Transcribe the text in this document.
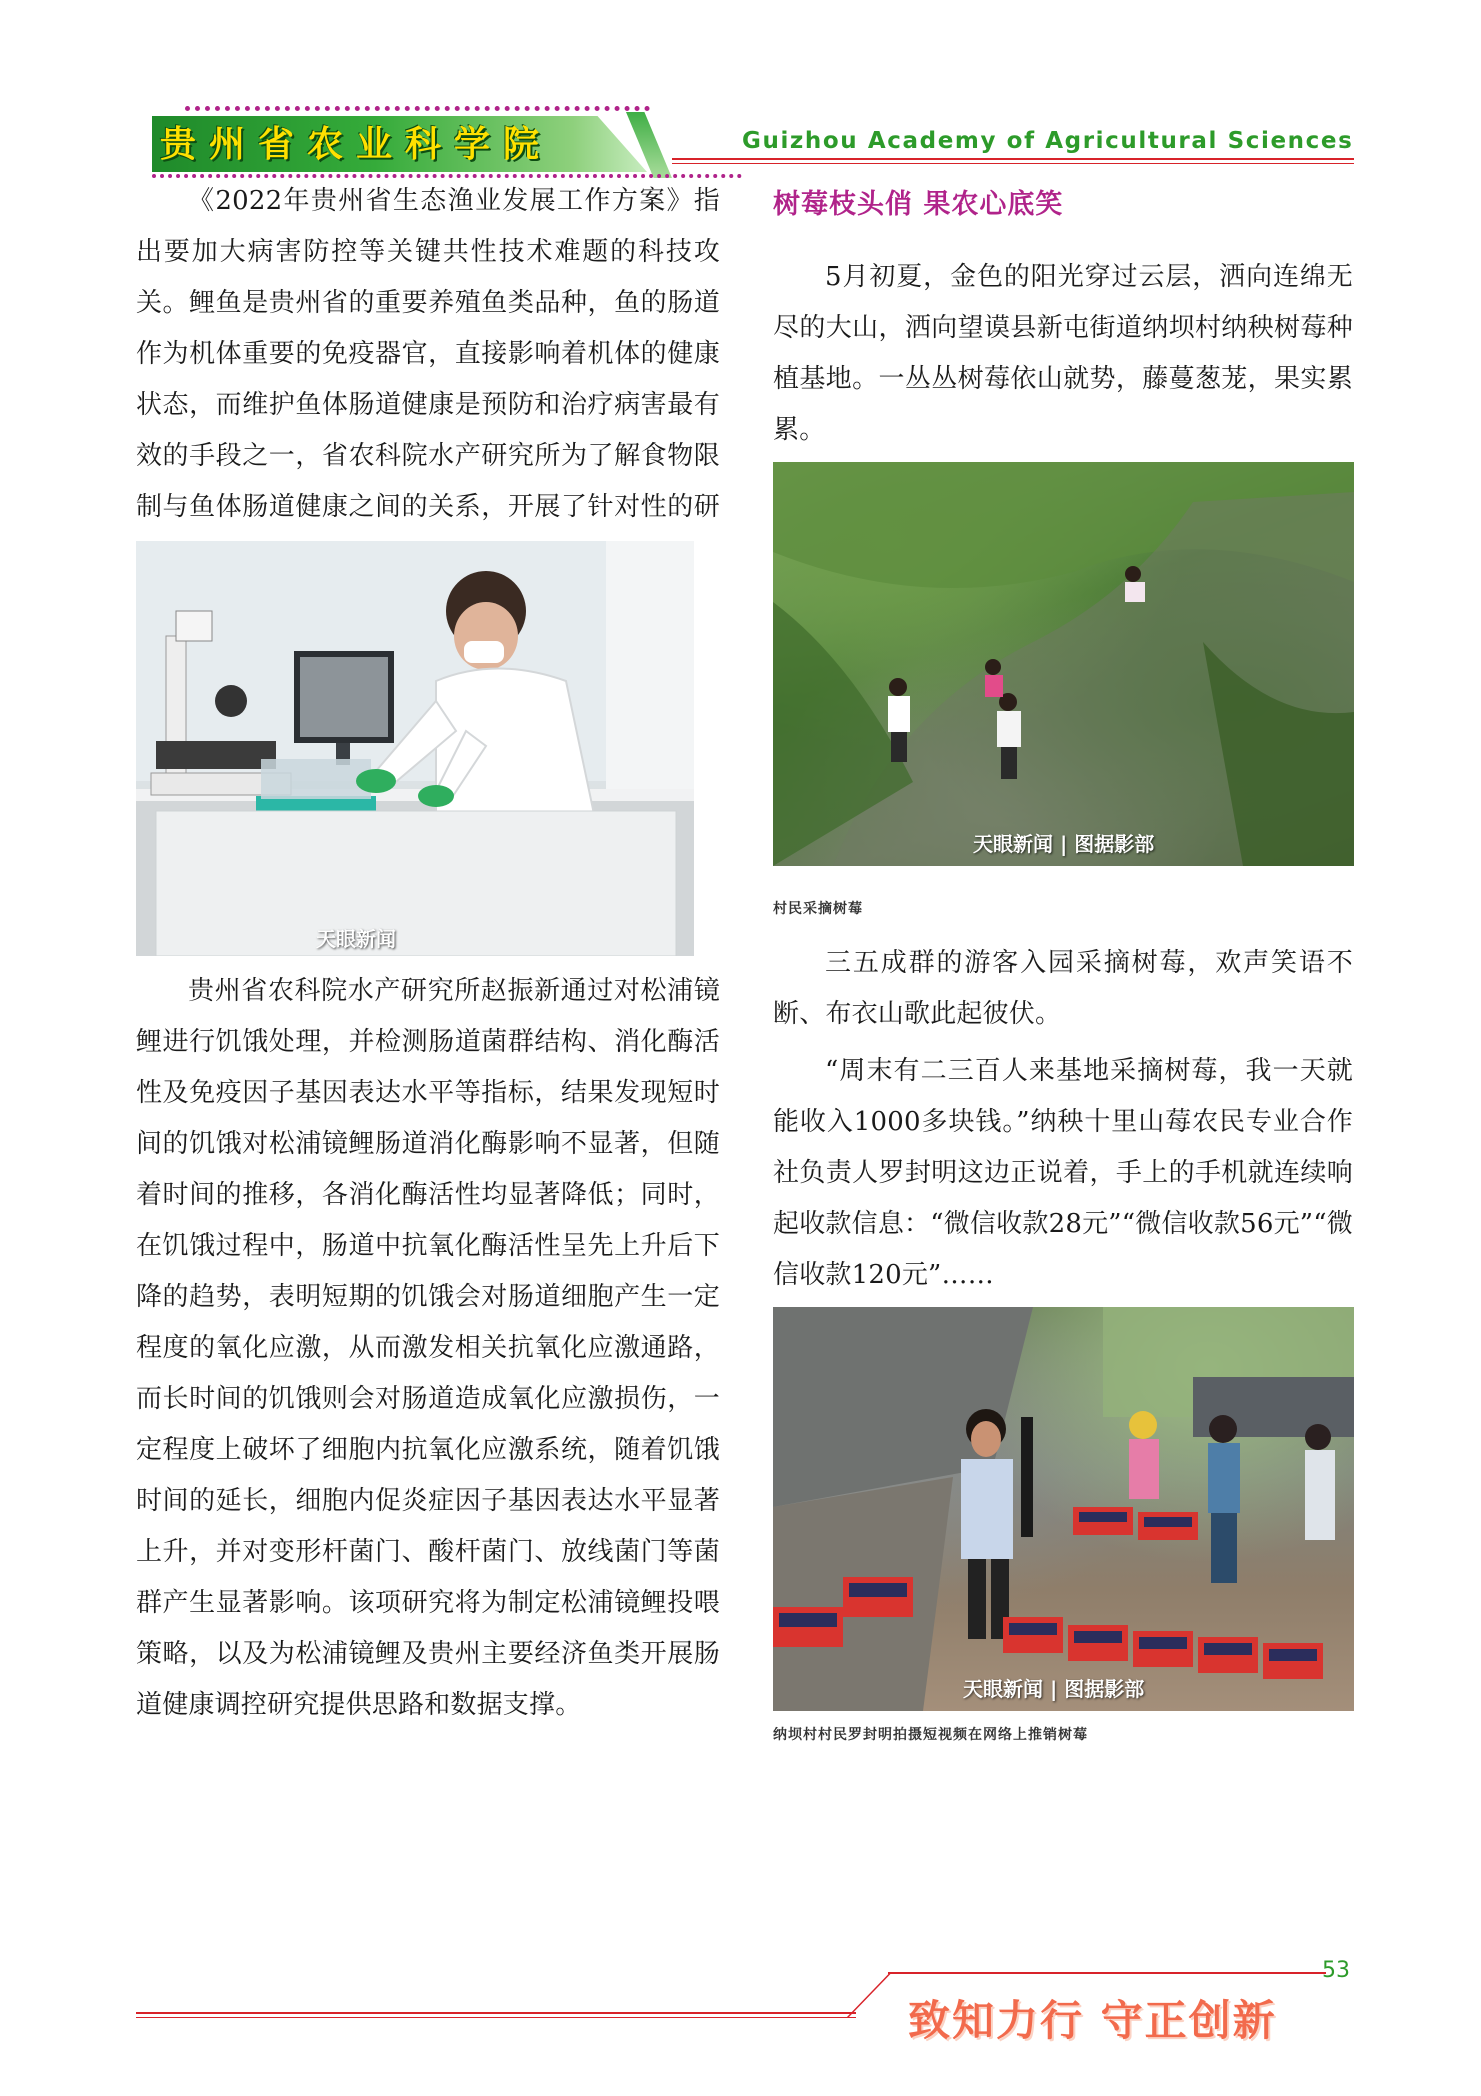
贵州省农业科学院	Guizhou Academy of Agricultural Sciences

《2022年贵州省生态渔业发展工作方案》指出要加大病害防控等关键共性技术难题的科技攻关。鲤鱼是贵州省的重要养殖鱼类品种，鱼的肠道作为机体重要的免疫器官，直接影响着机体的健康状态，而维护鱼体肠道健康是预防和治疗病害最有效的手段之一，省农科院水产研究所为了解食物限制与鱼体肠道健康之间的关系，开展了针对性的研

天眼新闻

贵州省农科院水产研究所赵振新通过对松浦镜鲤进行饥饿处理，并检测肠道菌群结构、消化酶活性及免疫因子基因表达水平等指标，结果发现短时间的饥饿对松浦镜鲤肠道消化酶影响不显著，但随着时间的推移，各消化酶活性均显著降低；同时，在饥饿过程中，肠道中抗氧化酶活性呈先上升后下降的趋势，表明短期的饥饿会对肠道细胞产生一定程度的氧化应激，从而激发相关抗氧化应激通路，而长时间的饥饿则会对肠道造成氧化应激损伤，一定程度上破坏了细胞内抗氧化应激系统，随着饥饿时间的延长，细胞内促炎症因子基因表达水平显著上升，并对变形杆菌门、酸杆菌门、放线菌门等菌群产生显著影响。该项研究将为制定松浦镜鲤投喂策略，以及为松浦镜鲤及贵州主要经济鱼类开展肠道健康调控研究提供思路和数据支撑。

树莓枝头俏 果农心底笑

5月初夏，金色的阳光穿过云层，洒向连绵无尽的大山，洒向望谟县新屯街道纳坝村纳秧树莓种植基地。一丛丛树莓依山就势，藤蔓葱茏，果实累累。

天眼新闻 | 图据影部
村民采摘树莓

三五成群的游客入园采摘树莓，欢声笑语不断、布衣山歌此起彼伏。

“周末有二三百人来基地采摘树莓，我一天就能收入1000多块钱。”纳秧十里山莓农民专业合作社负责人罗封明这边正说着，手上的手机就连续响起收款信息：“微信收款28元”“微信收款56元”“微信收款120元”……

天眼新闻 | 图据影部
纳坝村村民罗封明拍摄短视频在网络上推销树莓
53
致知力行 守正创新
